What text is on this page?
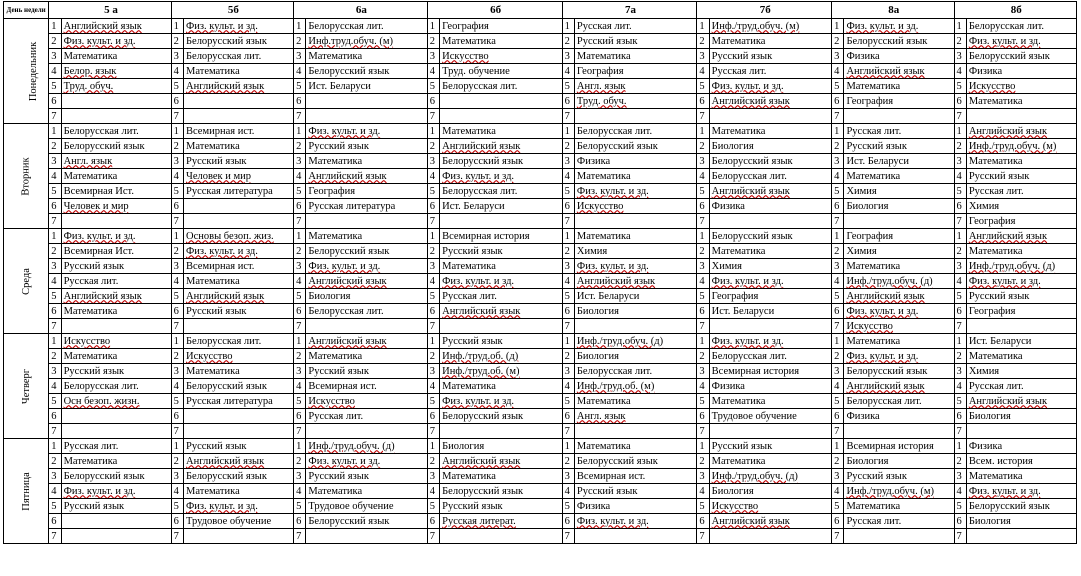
День недели	5 а		5б		6а		6б		7а		7б		8а		8б	
Понедельник	1	Английский язык	1	Физ. культ. и зд.	1	Белорусская лит.	1	География	1	Русская лит.	1	Инф./труд.обуч. (м)	1	Физ. культ. и зд.	1	Белорусская лит.
	2	Физ. культ. и зд.	2	Белорусский язык	2	Инф.труд.обуч. (м)	2	Математика	2	Русский язык	2	Математика	2	Белорусский язык	2	Физ. культ. и зд.
	3	Математика	3	Белорусская лит.	3	Математика	3	Искусство	3	Математика	3	Русский язык	3	Физика	3	Белорусский язык
	4	Белор. язык	4	Математика	4	Белорусский язык	4	Труд. обучение	4	География	4	Русская лит.	4	Английский язык	4	Физика
	5	Труд. обуч.	5	Английский язык	5	Ист. Беларуси	5	Белорусская лит.	5	Англ. язык	5	Физ. культ. и зд.	5	Математика	5	Искусство
	6		6		6		6		6	Труд. обуч.	6	Английский язык	6	География	6	Математика
	7		7		7		7		7		7		7		7	
Вторник	1	Белорусская лит.	1	Всемирная ист.	1	Физ. культ. и зд.	1	Математика	1	Белорусская лит.	1	Математика	1	Русская лит.	1	Английский язык
	2	Белорусский язык	2	Математика	2	Русский язык	2	Английский язык	2	Белорусский язык	2	Биология	2	Русский язык	2	Инф./труд.обуч. (м)
	3	Англ. язык	3	Русский язык	3	Математика	3	Белорусский язык	3	Физика	3	Белорусский язык	3	Ист. Беларуси	3	Математика
	4	Математика	4	Человек и мир	4	Английский язык	4	Физ. культ. и зд.	4	Математика	4	Белорусская лит.	4	Математика	4	Русский язык
	5	Всемирная Ист.	5	Русская литература	5	География	5	Белорусская лит.	5	Физ. культ. и зд.	5	Английский язык	5	Химия	5	Русская лит.
	6	Человек и мир	6		6	Русская литература	6	Ист. Беларуси	6	Искусство	6	Физика	6	Биология	6	Химия
	7		7		7		7		7		7		7		7	География
Среда	1	Физ. культ. и зд.	1	Основы безоп. жиз.	1	Математика	1	Всемирная история	1	Математика	1	Белорусский язык	1	География	1	Английский язык
	2	Всемирная Ист.	2	Физ. культ. и зд.	2	Белорусский язык	2	Русский язык	2	Химия	2	Математика	2	Химия	2	Математика
	3	Русский язык	3	Всемирная ист.	3	Физ. культ. и зд.	3	Математика	3	Физ. культ. и зд.	3	Химия	3	Математика	3	Инф./труд.обуч. (д)
	4	Русская лит.	4	Математика	4	Английский язык	4	Физ. культ. и зд.	4	Английский язык	4	Физ. культ. и зд.	4	Инф./труд.обуч. (д)	4	Физ. культ. и зд.
	5	Английский язык	5	Английский язык	5	Биология	5	Русская лит.	5	Ист. Беларуси	5	География	5	Английский язык	5	Русский язык
	6	Математика	6	Русский язык	6	Белорусская лит.	6	Английский язык	6	Биология	6	Ист. Беларуси	6	Физ. культ. и зд.	6	География
	7		7		7		7		7		7		7	Искусство	7	
Четверг	1	Искусство	1	Белорусская лит.	1	Английский язык	1	Русский язык	1	Инф./труд.обуч. (д)	1	Физ. культ. и зд.	1	Математика	1	Ист. Беларуси
	2	Математика	2	Искусство	2	Математика	2	Инф./труд.об. (д)	2	Биология	2	Белорусская лит.	2	Физ. культ. и зд.	2	Математика
	3	Русский язык	3	Математика	3	Русский язык	3	Инф./труд.об. (м)	3	Белорусская лит.	3	Всемирная история	3	Белорусский язык	3	Химия
	4	Белорусская лит.	4	Белорусский язык	4	Всемирная ист.	4	Математика	4	Инф./труд.об. (м)	4	Физика	4	Английский язык	4	Русская лит.
	5	Осн безоп. жизн.	5	Русская литература	5	Искусство	5	Физ. культ. и зд.	5	Математика	5	Математика	5	Белорусская лит.	5	Английский язык
	6		6		6	Русская лит.	6	Белорусский язык	6	Англ. язык	6	Трудовое обучение	6	Физика	6	Биология
	7		7		7		7		7		7		7		7	
Пятница	1	Русская лит.	1	Русский язык	1	Инф./труд.обуч. (д)	1	Биология	1	Математика	1	Русский язык	1	Всемирная история	1	Физика
	2	Математика	2	Английский язык	2	Физ. культ. и зд.	2	Английский язык	2	Белорусский язык	2	Математика	2	Биология	2	Всем. история
	3	Белорусский язык	3	Белорусский язык	3	Русский язык	3	Математика	3	Всемирная ист.	3	Инф./труд.обуч. (д)	3	Русский язык	3	Математика
	4	Физ. культ. и зд.	4	Математика	4	Математика	4	Белорусский язык	4	Русский язык	4	Биология	4	Инф./труд.обуч. (м)	4	Физ. культ. и зд.
	5	Русский язык	5	Физ. культ. и зд.	5	Трудовое обучение	5	Русский язык	5	Физика	5	Искусство	5	Математика	5	Белорусский язык
	6		6	Трудовое обучение	6	Белорусский язык	6	Русская литерат.	6	Физ. культ. и зд.	6	Английский язык	6	Русская лит.	6	Биология
	7		7		7		7		7		7		7		7	
